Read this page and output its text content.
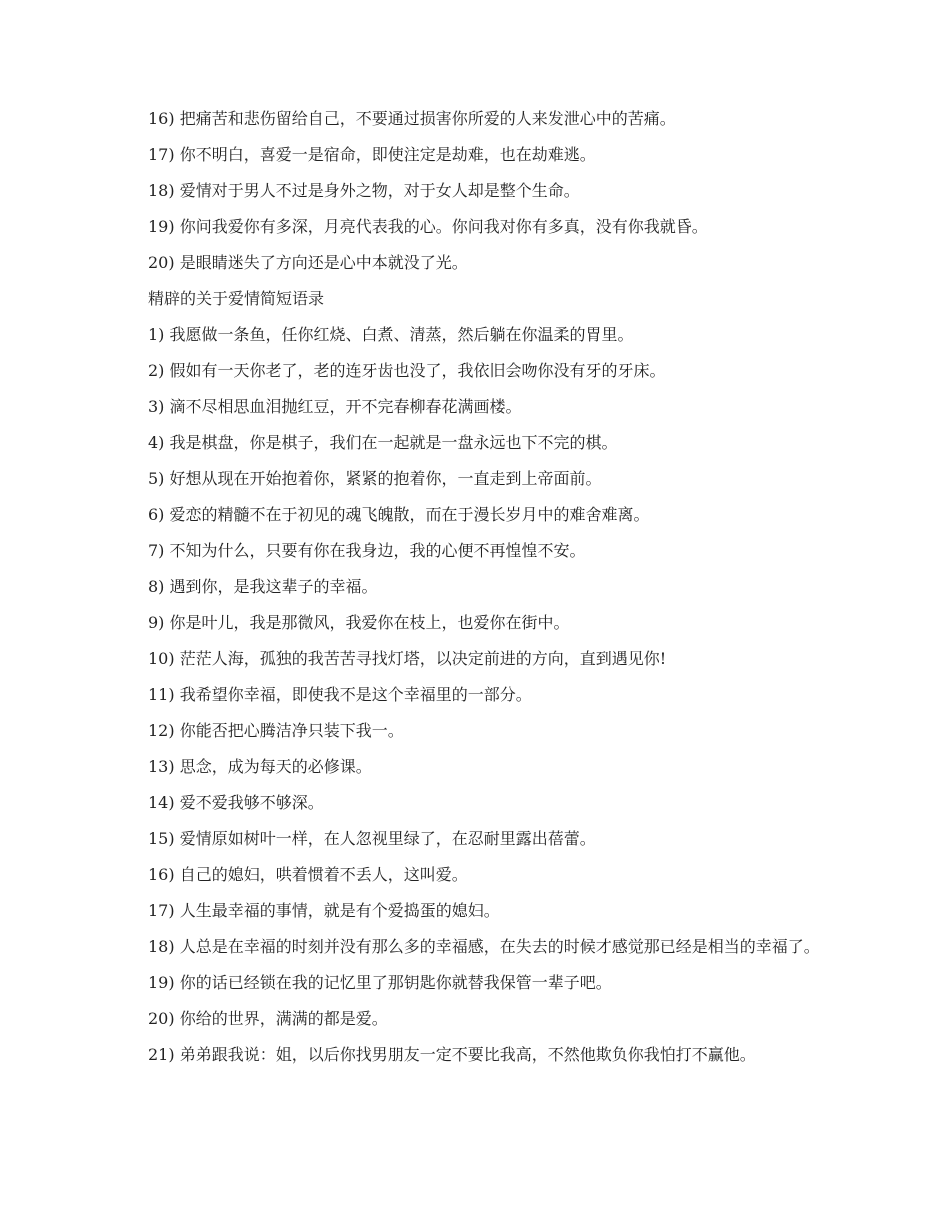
16) 把痛苦和悲伤留给自己，不要通过损害你所爱的人来发泄心中的苦痛。

17) 你不明白，喜爱一是宿命，即使注定是劫难，也在劫难逃。

18) 爱情对于男人不过是身外之物，对于女人却是整个生命。

19) 你问我爱你有多深，月亮代表我的心。你问我对你有多真，没有你我就昏。

20) 是眼睛迷失了方向还是心中本就没了光。

精辟的关于爱情简短语录

1) 我愿做一条鱼，任你红烧、白煮、清蒸，然后躺在你温柔的胃里。

2) 假如有一天你老了，老的连牙齿也没了，我依旧会吻你没有牙的牙床。

3) 滴不尽相思血泪抛红豆，开不完春柳春花满画楼。

4) 我是棋盘，你是棋子，我们在一起就是一盘永远也下不完的棋。

5) 好想从现在开始抱着你，紧紧的抱着你，一直走到上帝面前。

6) 爱恋的精髓不在于初见的魂飞魄散，而在于漫长岁月中的难舍难离。

7) 不知为什么，只要有你在我身边，我的心便不再惶惶不安。

8) 遇到你，是我这辈子的幸福。

9) 你是叶儿，我是那微风，我爱你在枝上，也爱你在街中。

10) 茫茫人海，孤独的我苦苦寻找灯塔，以决定前进的方向，直到遇见你!

11) 我希望你幸福，即使我不是这个幸福里的一部分。

12) 你能否把心腾洁净只装下我一。

13) 思念，成为每天的必修课。

14) 爱不爱我够不够深。

15) 爱情原如树叶一样，在人忽视里绿了，在忍耐里露出蓓蕾。

16) 自己的媳妇，哄着惯着不丢人，这叫爱。

17) 人生最幸福的事情，就是有个爱捣蛋的媳妇。

18) 人总是在幸福的时刻并没有那么多的幸福感，在失去的时候才感觉那已经是相当的幸福了。

19) 你的话已经锁在我的记忆里了那钥匙你就替我保管一辈子吧。

20) 你给的世界，满满的都是爱。

21) 弟弟跟我说：姐，以后你找男朋友一定不要比我高，不然他欺负你我怕打不赢他。
